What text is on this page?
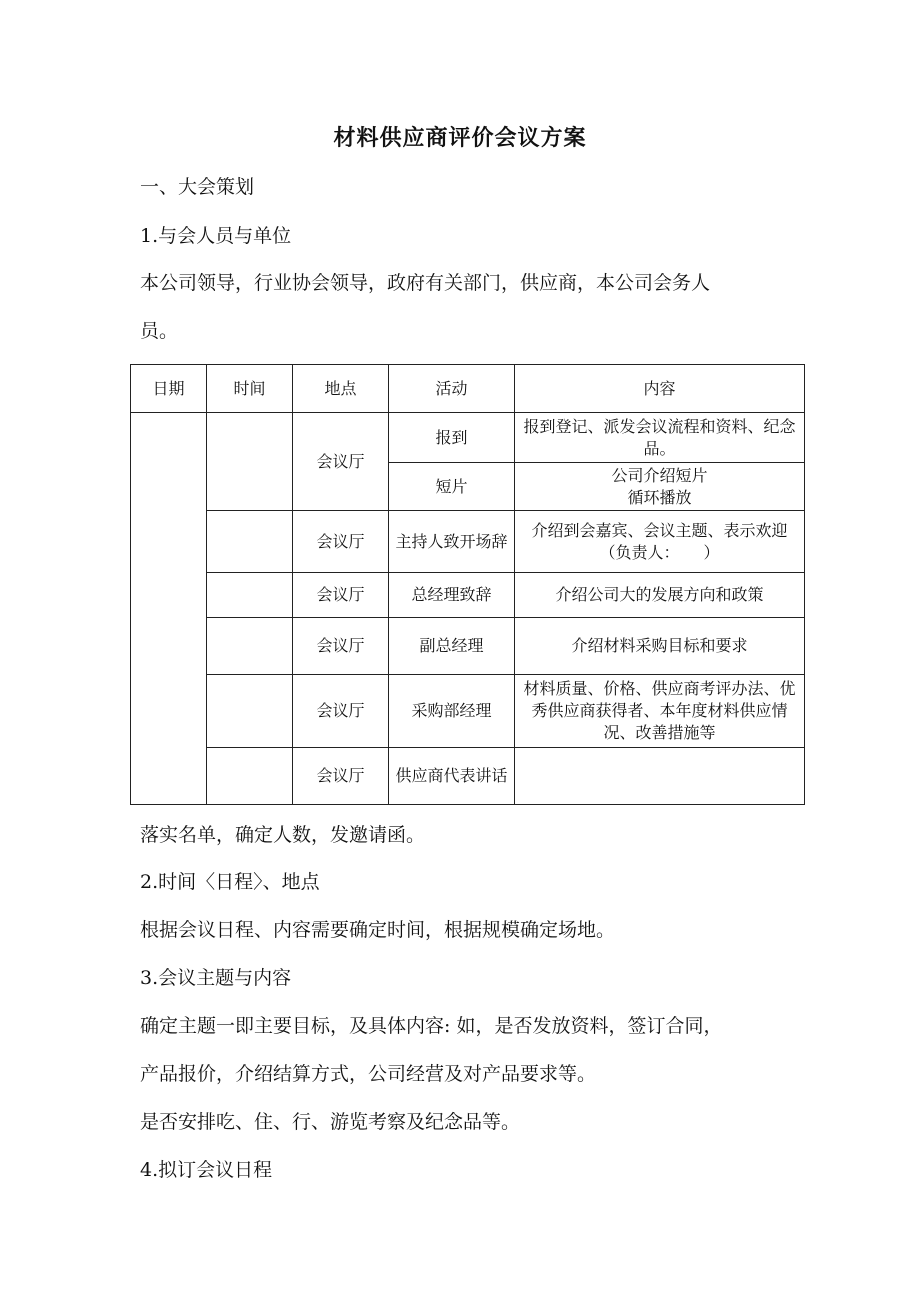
材料供应商评价会议方案
一、大会策划
1.与会人员与单位
本公司领导，行业协会领导，政府有关部门，供应商，本公司会务人
员。
日期	时间	地点	活动	内容
		会议厅	报到	报到登记、派发会议流程和资料、纪念品。
			短片	公司介绍短片
循环播放

		会议厅	主持人致开场辞	介绍到会嘉宾、会议主题、表示欢迎（负责人：　　）
		会议厅	总经理致辞	介绍公司大的发展方向和政策
		会议厅	副总经理	介绍材料采购目标和要求
		会议厅	采购部经理	材料质量、价格、供应商考评办法、优秀供应商获得者、本年度材料供应情况、改善措施等
		会议厅	供应商代表讲话	
落实名单，确定人数，发邀请函。
2.时间〈日程〉、地点
根据会议日程、内容需要确定时间，根据规模确定场地。
3.会议主题与内容
确定主题一即主要目标，及具体内容: 如，是否发放资料，签订合同，
产品报价，介绍结算方式，公司经营及对产品要求等。
是否安排吃、住、行、游览考察及纪念品等。
4.拟订会议日程
